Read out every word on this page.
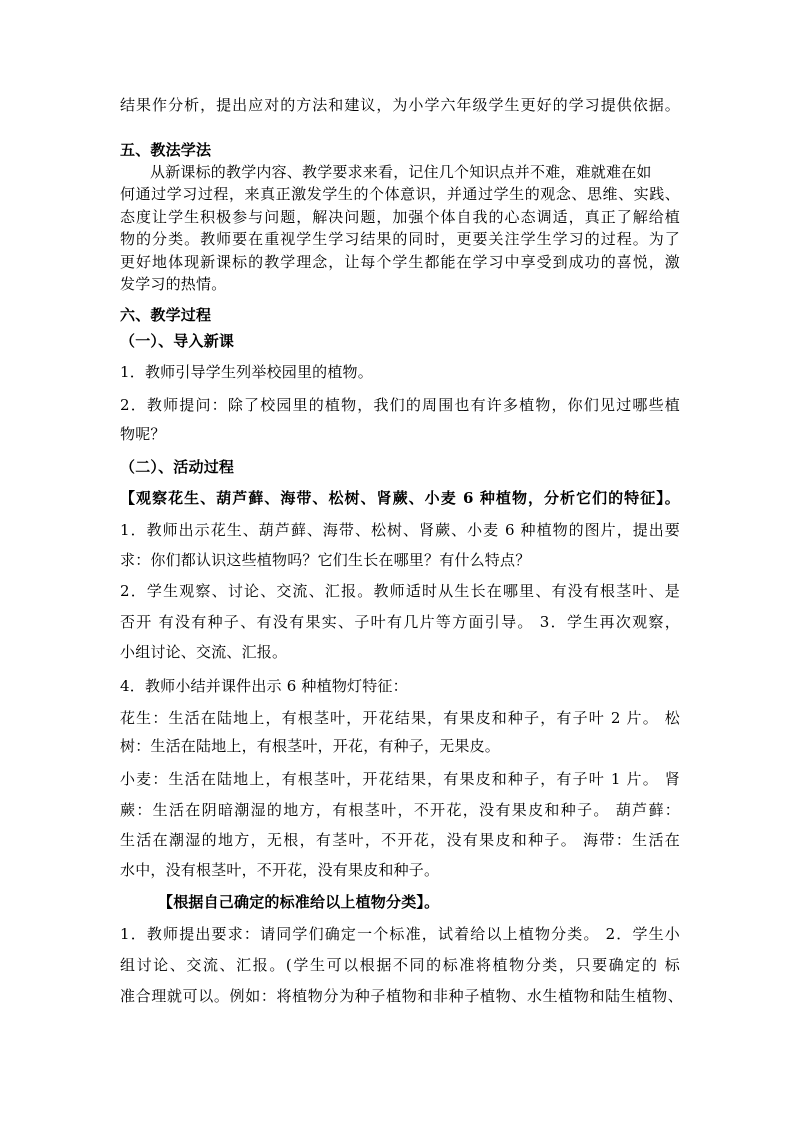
结果作分析，提出应对的方法和建议，为小学六年级学生更好的学习提供依据。
五、教法学法
从新课标的教学内容、教学要求来看，记住几个知识点并不难，难就难在如
何通过学习过程，来真正激发学生的个体意识，并通过学生的观念、思维、实践、
态度让学生积极参与问题，解决问题，加强个体自我的心态调适，真正了解给植
物的分类。教师要在重视学生学习结果的同时，更要关注学生学习的过程。为了
更好地体现新课标的教学理念，让每个学生都能在学习中享受到成功的喜悦，激
发学习的热情。
六、教学过程
（一）、导入新课
1．教师引导学生列举校园里的植物。
2．教师提问：除了校园里的植物，我们的周围也有许多植物，你们见过哪些植
物呢？
（二）、活动过程
【观察花生、葫芦藓、海带、松树、肾蕨、小麦 6 种植物，分析它们的特征】。
1．教师出示花生、葫芦藓、海带、松树、肾蕨、小麦 6 种植物的图片，提出要
求：你们都认识这些植物吗？它们生长在哪里？有什么特点？
2．学生观察、讨论、交流、汇报。教师适时从生长在哪里、有没有根茎叶、是
否开 有没有种子、有没有果实、子叶有几片等方面引导。 3．学生再次观察，
小组讨论、交流、汇报。
4．教师小结并课件出示 6 种植物灯特征：
花生：生活在陆地上，有根茎叶，开花结果，有果皮和种子，有子叶 2 片。 松
树：生活在陆地上，有根茎叶，开花，有种子，无果皮。
小麦：生活在陆地上，有根茎叶，开花结果，有果皮和种子，有子叶 1 片。 肾
蕨：生活在阴暗潮湿的地方，有根茎叶，不开花，没有果皮和种子。 葫芦藓：
生活在潮湿的地方，无根，有茎叶，不开花，没有果皮和种子。 海带：生活在
水中，没有根茎叶，不开花，没有果皮和种子。
【根据自己确定的标准给以上植物分类】。
1．教师提出要求：请同学们确定一个标准，试着给以上植物分类。 2．学生小
组讨论、交流、汇报。(学生可以根据不同的标准将植物分类，只要确定的 标
准合理就可以。例如：将植物分为种子植物和非种子植物、水生植物和陆生植物、
